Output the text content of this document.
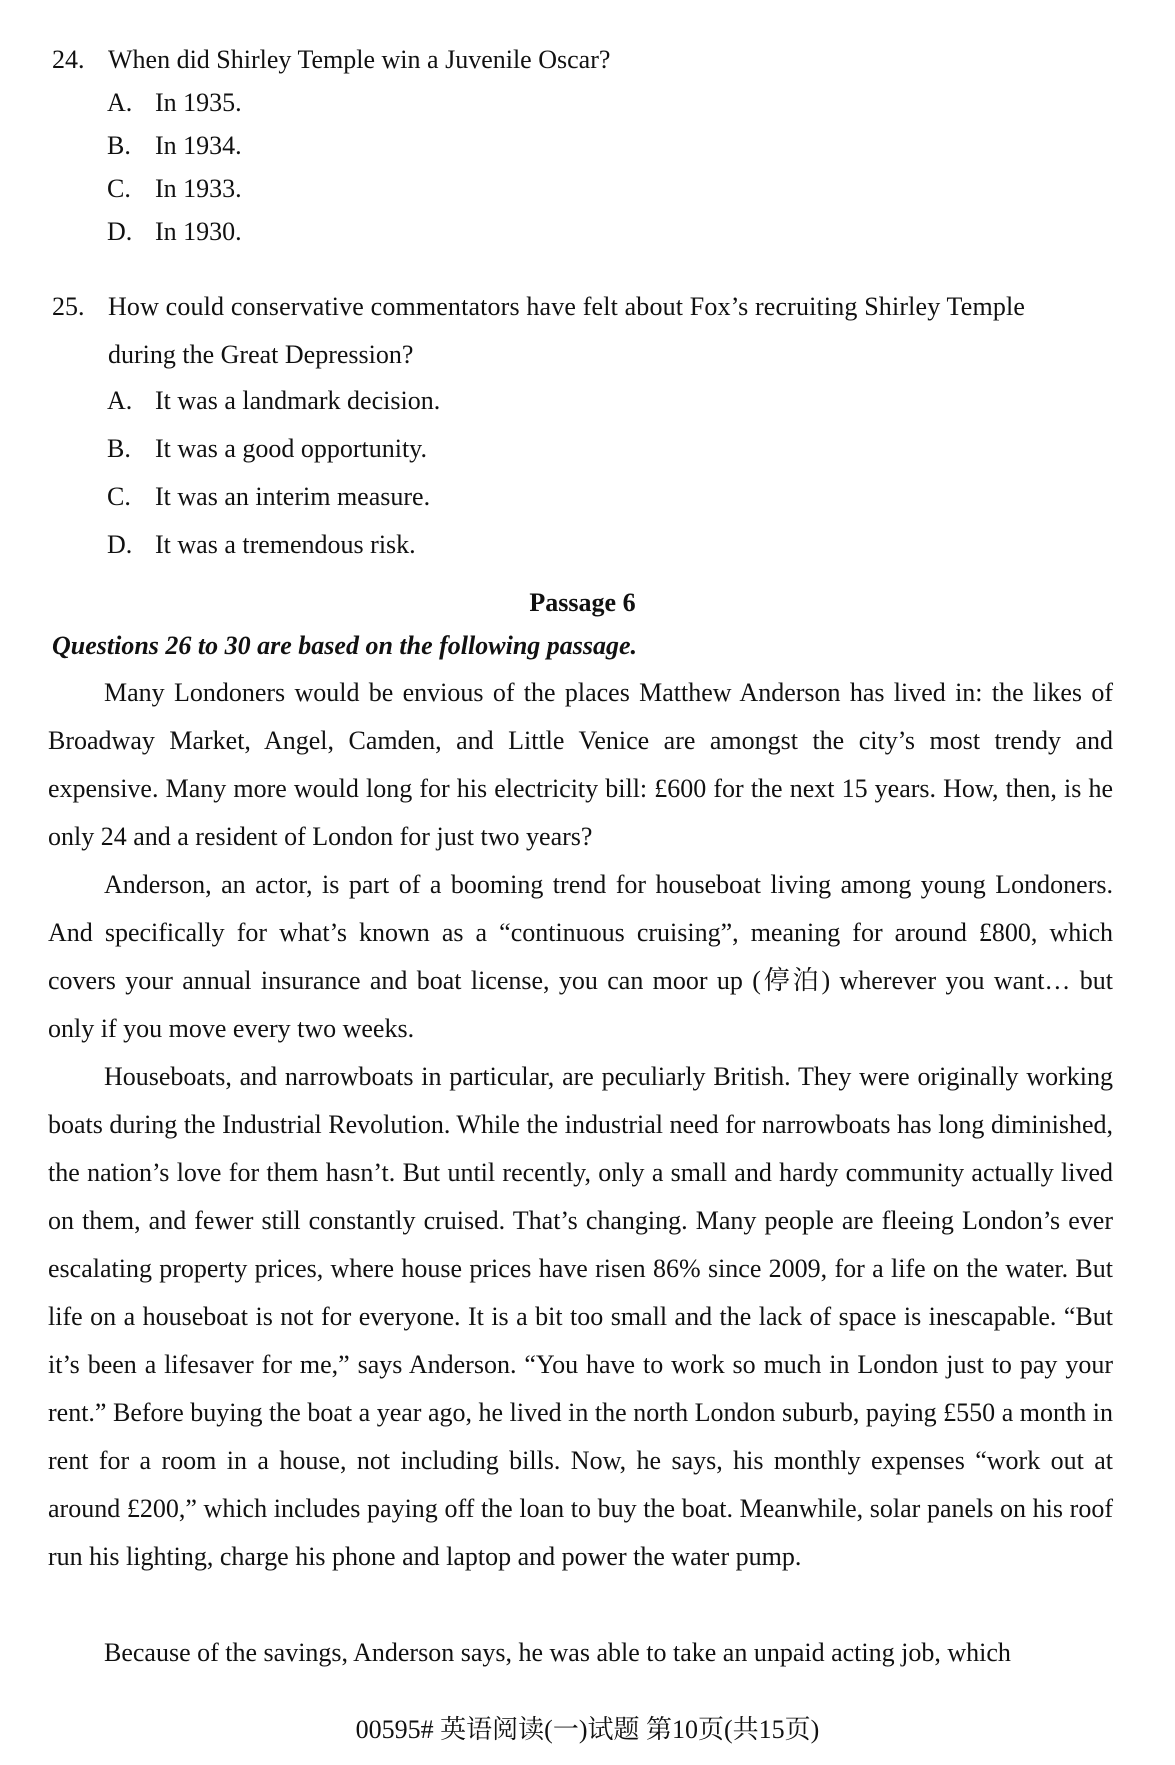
24. When did Shirley Temple win a Juvenile Oscar?
A. In 1935.
B. In 1934.
C. In 1933.
D. In 1930.
25. How could conservative commentators have felt about Fox’s recruiting Shirley Temple
during the Great Depression?
A. It was a landmark decision.
B. It was a good opportunity.
C. It was an interim measure.
D. It was a tremendous risk.
Passage 6
Questions 26 to 30 are based on the following passage.
Many Londoners would be envious of the places Matthew Anderson has lived in: the likes of Broadway Market, Angel, Camden, and Little Venice are amongst the city’s most trendy and expensive. Many more would long for his electricity bill: £600 for the next 15 years. How, then, is he only 24 and a resident of London for just two years?
Anderson, an actor, is part of a booming trend for houseboat living among young Londoners. And specifically for what’s known as a “continuous cruising”, meaning for around £800, which covers your annual insurance and boat license, you can moor up (停泊) wherever you want… but only if you move every two weeks.
Houseboats, and narrowboats in particular, are peculiarly British. They were originally working boats during the Industrial Revolution. While the industrial need for narrowboats has long diminished, the nation’s love for them hasn’t. But until recently, only a small and hardy community actually lived on them, and fewer still constantly cruised. That’s changing. Many people are fleeing London’s ever escalating property prices, where house prices have risen 86% since 2009, for a life on the water. But life on a houseboat is not for everyone. It is a bit too small and the lack of space is inescapable. “But it’s been a lifesaver for me,” says Anderson. “You have to work so much in London just to pay your rent.” Before buying the boat a year ago, he lived in the north London suburb, paying £550 a month in rent for a room in a house, not including bills. Now, he says, his monthly expenses “work out at around £200,” which includes paying off the loan to buy the boat. Meanwhile, solar panels on his roof run his lighting, charge his phone and laptop and power the water pump.
Because of the savings, Anderson says, he was able to take an unpaid acting job, which
00595# 英语阅读(一)试题 第10页(共15页)
